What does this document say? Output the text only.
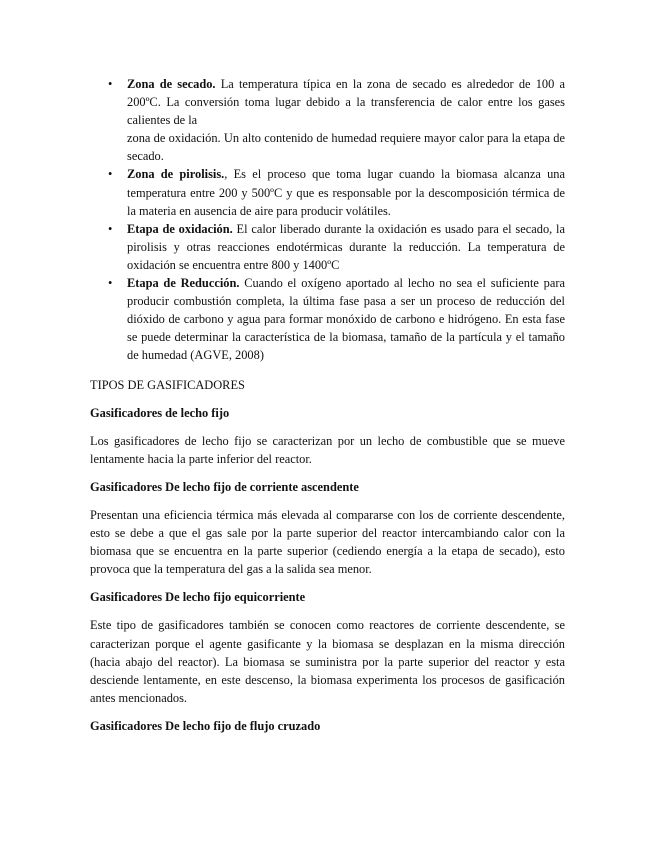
• Zona de secado. La temperatura típica en la zona de secado es alrededor de 100 a 200ºC. La conversión toma lugar debido a la transferencia de calor entre los gases calientes de la
zona de oxidación. Un alto contenido de humedad requiere mayor calor para la etapa de secado.
• Zona de pirolisis., Es el proceso que toma lugar cuando la biomasa alcanza una temperatura entre 200 y 500ºC y que es responsable por la descomposición térmica de la materia en ausencia de aire para producir volátiles.
• Etapa de oxidación. El calor liberado durante la oxidación es usado para el secado, la pirolisis y otras reacciones endotérmicas durante la reducción. La temperatura de oxidación se encuentra entre 800 y 1400ºC
• Etapa de Reducción. Cuando el oxígeno aportado al lecho no sea el suficiente para producir combustión completa, la última fase pasa a ser un proceso de reducción del dióxido de carbono y agua para formar monóxido de carbono e hidrógeno. En esta fase se puede determinar la característica de la biomasa, tamaño de la partícula y el tamaño de humedad (AGVE, 2008)
TIPOS DE GASIFICADORES
Gasificadores de lecho fijo

Los gasificadores de lecho fijo se caracterizan por un lecho de combustible que se mueve lentamente hacia la parte inferior del reactor.

Gasificadores De lecho fijo de corriente ascendente

Presentan una eficiencia térmica más elevada al compararse con los de corriente descendente, esto se debe a que el gas sale por la parte superior del reactor intercambiando calor con la biomasa que se encuentra en la parte superior (cediendo energía a la etapa de secado), esto provoca que la temperatura del gas a la salida sea menor.

Gasificadores De lecho fijo equicorriente

Este tipo de gasificadores también se conocen como reactores de corriente descendente, se caracterizan porque el agente gasificante y la biomasa se desplazan en la misma dirección (hacia abajo del reactor). La biomasa se suministra por la parte superior del reactor y esta desciende lentamente, en este descenso, la biomasa experimenta los procesos de gasificación antes mencionados.

Gasificadores De lecho fijo de flujo cruzado
